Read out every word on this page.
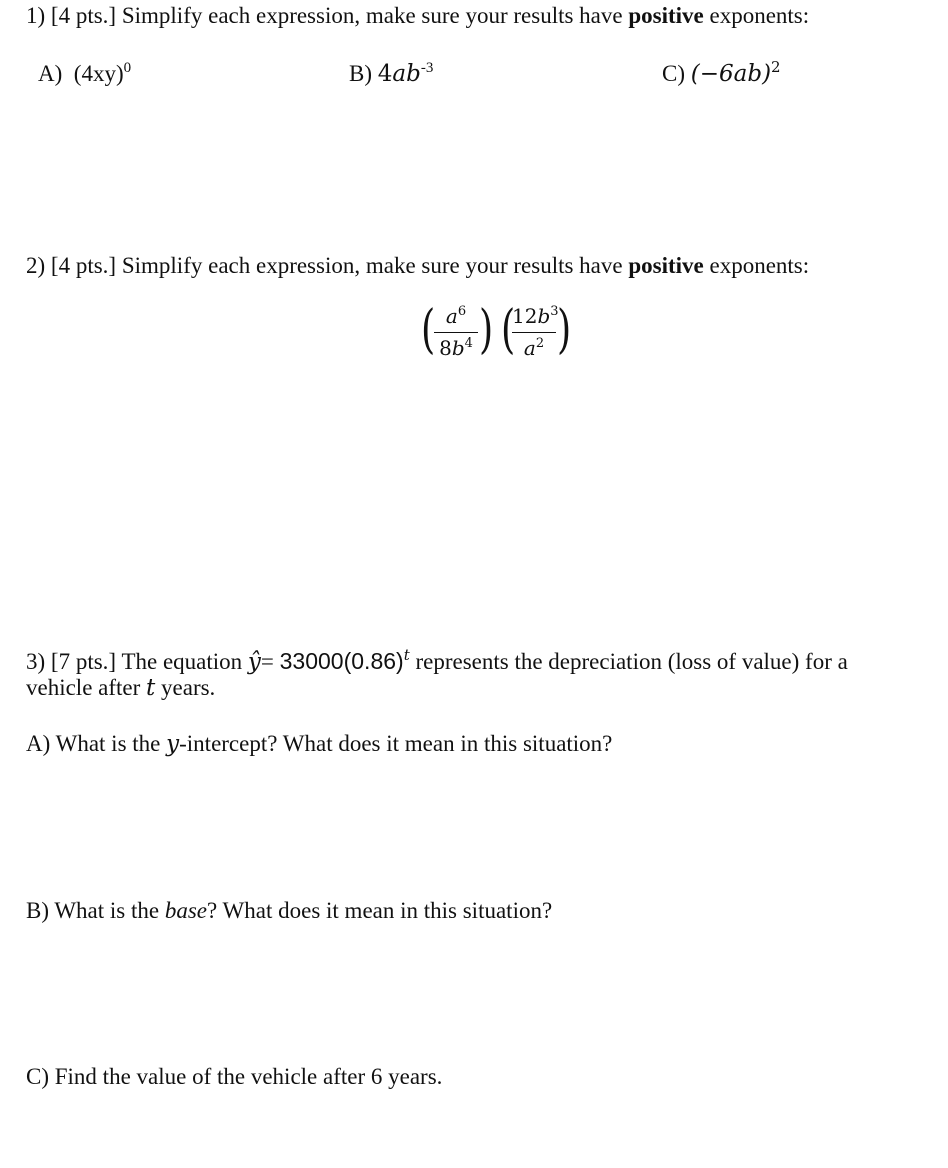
1) [4 pts.] Simplify each expression, make sure your results have positive exponents:
A) $(4xy)^0$	B) $4ab^{-3}$	C) $(-6ab)^2$
2) [4 pts.] Simplify each expression, make sure your results have positive exponents:
( $a^6$
$8b^4$ ) (
$12b^3$
$a^2$ )
3) [7 pts.] The equation ŷ= $33000(0.86)^t$ represents the depreciation (loss of value) for a
vehicle after t years.
A) What is the y-intercept? What does it mean in this situation?
B) What is the base? What does it mean in this situation?
C) Find the value of the vehicle after 6 years.
